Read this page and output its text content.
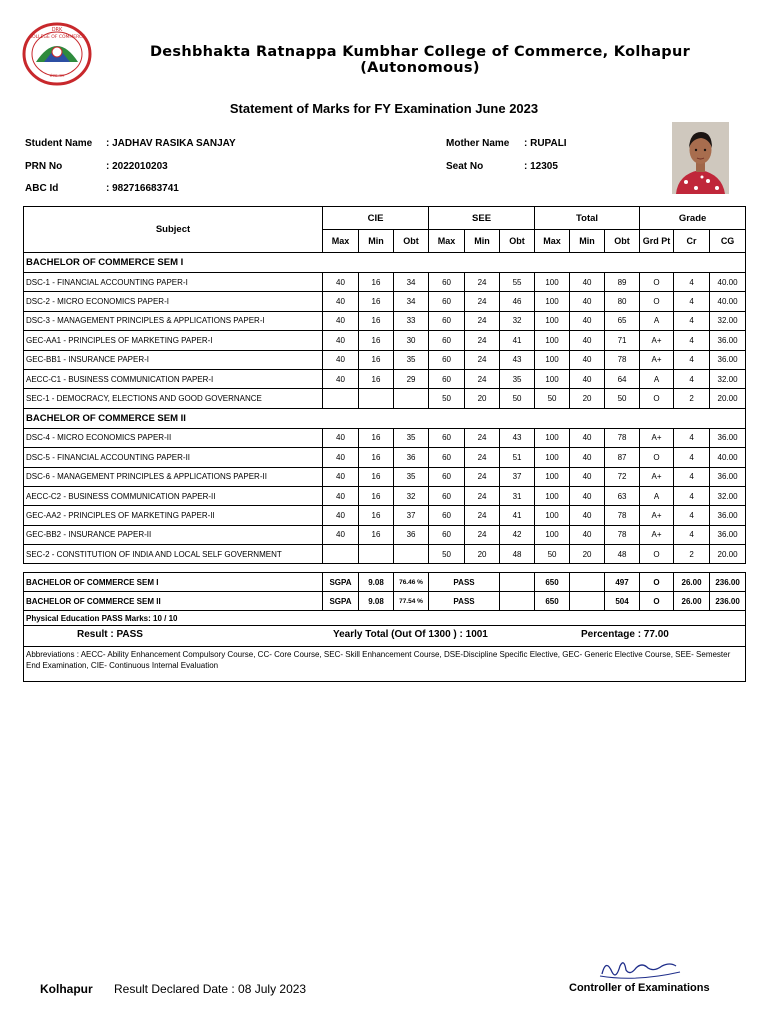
DRK
COLLEGE OF COMMERCE
संस्था नाम
Deshbhakta Ratnappa Kumbhar College of Commerce, Kolhapur (Autonomous)
Statement of Marks for FY Examination June 2023
Student Name : JADHAV RASIKA SANJAY
PRN No	: 2022010203
ABC Id	: 982716683741
Mother Name : RUPALI
Seat No	: 12305
Subject	CIE			SEE			Total			Grade		
	Max	Min	Obt	Max	Min	Obt	Max	Min	Obt	Grd Pt	Cr	CG
BACHELOR OF COMMERCE SEM I												
DSC-1 - FINANCIAL ACCOUNTING PAPER-I	40	16	34	60	24	55	100	40	89	O	4	40.00
DSC-2 - MICRO ECONOMICS PAPER-I	40	16	34	60	24	46	100	40	80	O	4	40.00
DSC-3 - MANAGEMENT PRINCIPLES & APPLICATIONS PAPER-I	40	16	33	60	24	32	100	40	65	A	4	32.00
GEC-AA1 - PRINCIPLES OF MARKETING PAPER-I	40	16	30	60	24	41	100	40	71	A+	4	36.00
GEC-BB1 - INSURANCE PAPER-I	40	16	35	60	24	43	100	40	78	A+	4	36.00
AECC-C1 - BUSINESS COMMUNICATION PAPER-I	40	16	29	60	24	35	100	40	64	A	4	32.00
SEC-1 - DEMOCRACY, ELECTIONS AND GOOD GOVERNANCE				50	20	50	50	20	50	O	2	20.00
BACHELOR OF COMMERCE SEM II												
DSC-4 - MICRO ECONOMICS PAPER-II	40	16	35	60	24	43	100	40	78	A+	4	36.00
DSC-5 - FINANCIAL ACCOUNTING PAPER-II	40	16	36	60	24	51	100	40	87	O	4	40.00
DSC-6 - MANAGEMENT PRINCIPLES & APPLICATIONS PAPER-II	40	16	35	60	24	37	100	40	72	A+	4	36.00
AECC-C2 - BUSINESS COMMUNICATION PAPER-II	40	16	32	60	24	31	100	40	63	A	4	32.00
GEC-AA2 - PRINCIPLES OF MARKETING PAPER-II	40	16	37	60	24	41	100	40	78	A+	4	36.00
GEC-BB2 - INSURANCE PAPER-II	40	16	36	60	24	42	100	40	78	A+	4	36.00
SEC-2 - CONSTITUTION OF INDIA AND LOCAL SELF GOVERNMENT				50	20	48	50	20	48	O	2	20.00

BACHELOR OF COMMERCE SEM I	SGPA	9.08	76.46 %	PASS			650		497	O	26.00	236.00
BACHELOR OF COMMERCE SEM II	SGPA	9.08	77.54 %	PASS			650		504	O	26.00	236.00
Physical Education PASS Marks: 10 / 10												

Result : PASS Yearly Total (Out Of 1300 ) : 1001 Percentage : 77.00												

Abbreviations : AECC- Ability Enhancement Compulsory Course, CC- Core Course, SEC- Skill Enhancement Course, DSE-Discipline Specific Elective, GEC- Generic Elective Course, SEE- Semester End Examination, CIE- Continuous Internal Evaluation												
Kolhapur Result Declared Date : 08 July 2023	Controller of Examinations
